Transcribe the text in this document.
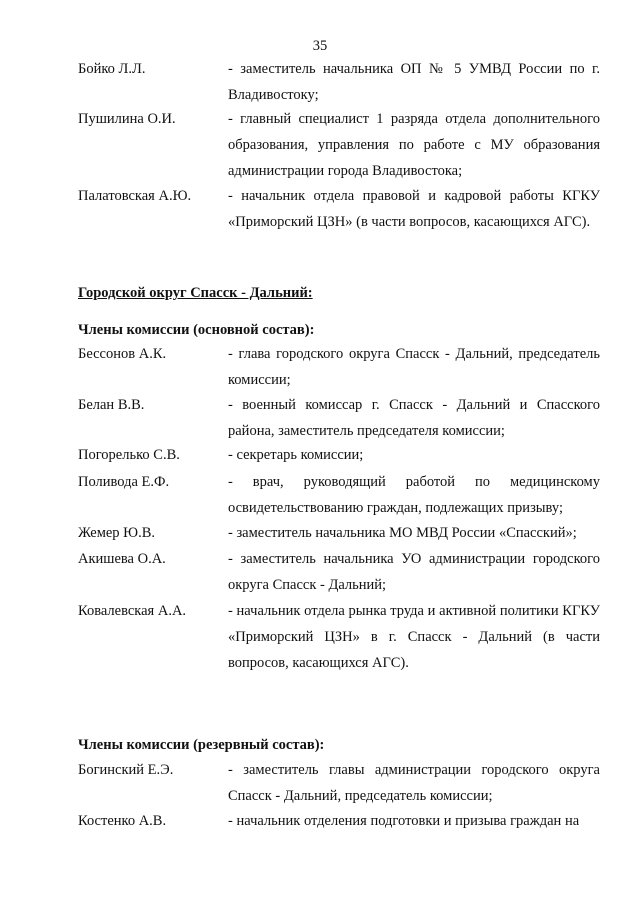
35
Бойко Л.Л.	- заместитель начальника ОП № 5 УМВД России по г. Владивостоку;
Пушилина О.И.	- главный специалист 1 разряда отдела дополнительного образования, управления по работе с МУ образования администрации города Владивостока;
Палатовская А.Ю.	- начальник отдела правовой и кадровой работы КГКУ «Приморский ЦЗН» (в части вопросов, касающихся АГС).
Городской округ Спасск - Дальний:
Члены комиссии (основной состав):
Бессонов А.К.	- глава городского округа Спасск - Дальний, председатель комиссии;
Белан В.В.	- военный комиссар г. Спасск - Дальний и Спасского района, заместитель председателя комиссии;
Погорелько С.В.	- секретарь комиссии;
Поливода Е.Ф.	- врач, руководящий работой по медицинскому освидетельствованию граждан, подлежащих призыву;
Жемер Ю.В.	- заместитель начальника МО МВД России «Спасский»;
Акишева О.А.	- заместитель начальника УО администрации городского округа Спасск - Дальний;
Ковалевская А.А.	- начальник отдела рынка труда и активной политики КГКУ «Приморский ЦЗН» в г. Спасск - Дальний (в части вопросов, касающихся АГС).
Члены комиссии (резервный состав):
Богинский Е.Э.	- заместитель главы администрации городского округа Спасск - Дальний, председатель комиссии;
Костенко А.В.	- начальник отделения подготовки и призыва граждан на
